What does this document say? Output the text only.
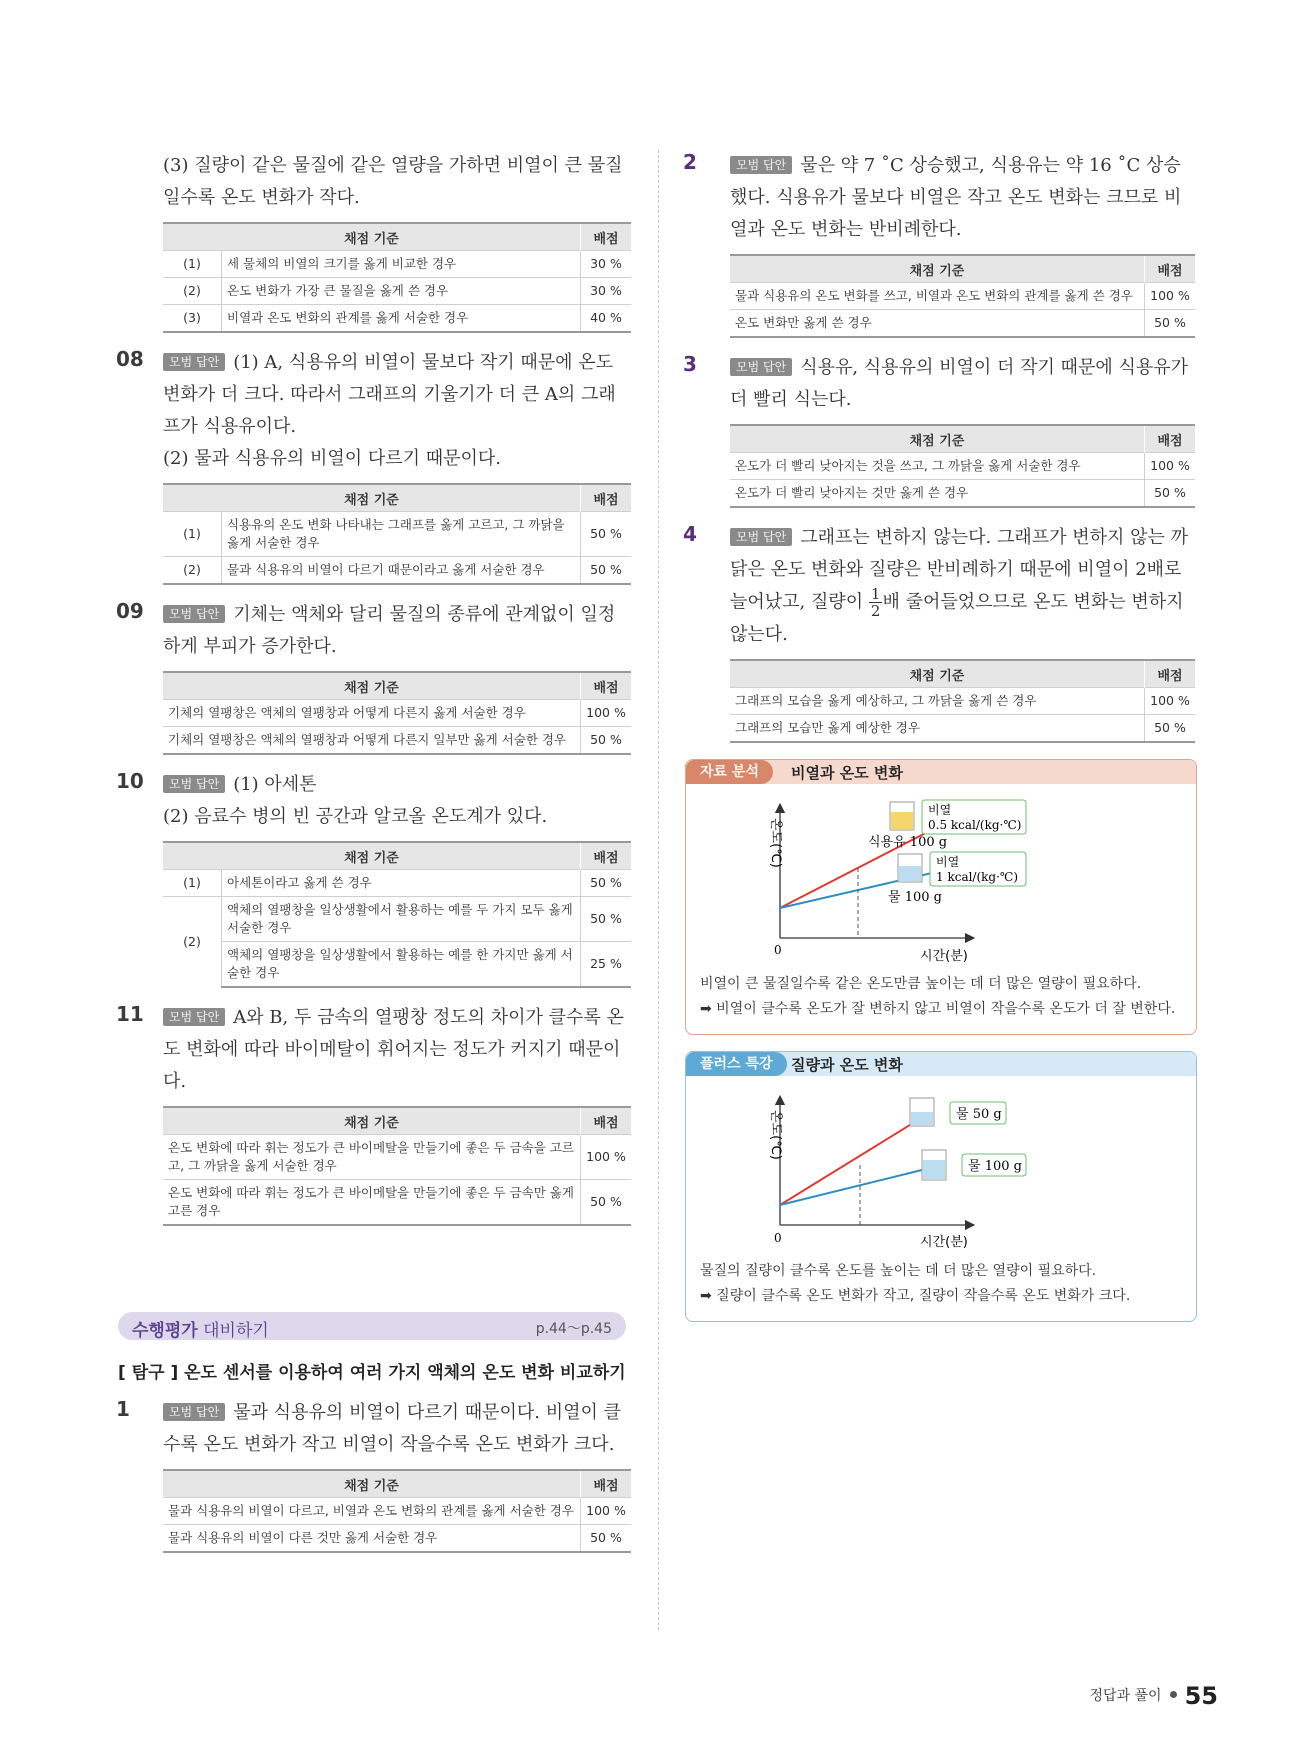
(3) 질량이 같은 물질에 같은 열량을 가하면 비열이 큰 물질일수록 온도 변화가 작다.
채점 기준		배점
(1)	세 물체의 비열의 크기를 옳게 비교한 경우	30 %
(2)	온도 변화가 가장 큰 물질을 옳게 쓴 경우	30 %
(3)	비열과 온도 변화의 관계를 옳게 서술한 경우	40 %
08	모범 답안 (1) A, 식용유의 비열이 물보다 작기 때문에 온도 변화가 더 크다. 따라서 그래프의 기울기가 더 큰 A의 그래프가 식용유이다.
(2) 물과 식용유의 비열이 다르기 때문이다.
채점 기준		배점
(1)	식용유의 온도 변화 나타내는 그래프를 옳게 고르고, 그 까닭을 옳게 서술한 경우	50 %
(2)	물과 식용유의 비열이 다르기 때문이라고 옳게 서술한 경우	50 %
09	모범 답안 기체는 액체와 달리 물질의 종류에 관계없이 일정하게 부피가 증가한다.
채점 기준	배점
기체의 열팽창은 액체의 열팽창과 어떻게 다른지 옳게 서술한 경우	100 %
기체의 열팽창은 액체의 열팽창과 어떻게 다른지 일부만 옳게 서술한 경우	50 %
10	모범 답안 (1) 아세톤
(2) 음료수 병의 빈 공간과 알코올 온도계가 있다.
채점 기준		배점
(1)	아세톤이라고 옳게 쓴 경우	50 %
(2)	액체의 열팽창을 일상생활에서 활용하는 예를 두 가지 모두 옳게 서술한 경우	50 %
	액체의 열팽창을 일상생활에서 활용하는 예를 한 가지만 옳게 서술한 경우	25 %
11	모범 답안 A와 B, 두 금속의 열팽창 정도의 차이가 클수록 온도 변화에 따라 바이메탈이 휘어지는 정도가 커지기 때문이다.
채점 기준	배점
온도 변화에 따라 휘는 정도가 큰 바이메탈을 만들기에 좋은 두 금속을 고르고, 그 까닭을 옳게 서술한 경우	100 %
온도 변화에 따라 휘는 정도가 큰 바이메탈을 만들기에 좋은 두 금속만 옳게 고른 경우	50 %
수행평가 대비하기	p.44～p.45
[ 탐구 ] 온도 센서를 이용하여 여러 가지 액체의 온도 변화 비교하기
1	모범 답안 물과 식용유의 비열이 다르기 때문이다. 비열이 클수록 온도 변화가 작고 비열이 작을수록 온도 변화가 크다.
채점 기준	배점
물과 식용유의 비열이 다르고, 비열과 온도 변화의 관계를 옳게 서술한 경우	100 %
물과 식용유의 비열이 다른 것만 옳게 서술한 경우	50 %
2	모범 답안 물은 약 7 ˚C 상승했고, 식용유는 약 16 ˚C 상승했다. 식용유가 물보다 비열은 작고 온도 변화는 크므로 비열과 온도 변화는 반비례한다.
채점 기준	배점
물과 식용유의 온도 변화를 쓰고, 비열과 온도 변화의 관계를 옳게 쓴 경우	100 %
온도 변화만 옳게 쓴 경우	50 %
3	모범 답안 식용유, 식용유의 비열이 더 작기 때문에 식용유가 더 빨리 식는다.
채점 기준	배점
온도가 더 빨리 낮아지는 것을 쓰고, 그 까닭을 옳게 서술한 경우	100 %
온도가 더 빨리 낮아지는 것만 옳게 쓴 경우	50 %
4	모범 답안 그래프는 변하지 않는다. 그래프가 변하지 않는 까닭은 온도 변화와 질량은 반비례하기 때문에 비열이 2배로 늘어났고, 질량이 $\frac{1}{2}$ 배 줄어들었으므로 온도 변화는 변하지 않는다.
채점 기준	배점
그래프의 모습을 옳게 예상하고, 그 까닭을 옳게 쓴 경우	100 %
그래프의 모습만 옳게 예상한 경우	50 %
자료 분석	비열과 온도 변화
온도(℃)
시간(분)
0
식용유 100 g
비열
0.5 kcal/(kg·℃)
물 100 g
비열
1 kcal/(kg·℃)
비열이 큰 물질일수록 같은 온도만큼 높이는 데 더 많은 열량이 필요하다.
➡ 비열이 클수록 온도가 잘 변하지 않고 비열이 작을수록 온도가 더 잘 변한다.
플러스 특강	질량과 온도 변화
온도(℃)
시간(분)
0
물 50 g
물 100 g
물질의 질량이 클수록 온도를 높이는 데 더 많은 열량이 필요하다.
➡ 질량이 클수록 온도 변화가 작고, 질량이 작을수록 온도 변화가 크다.
정답과 풀이 55
